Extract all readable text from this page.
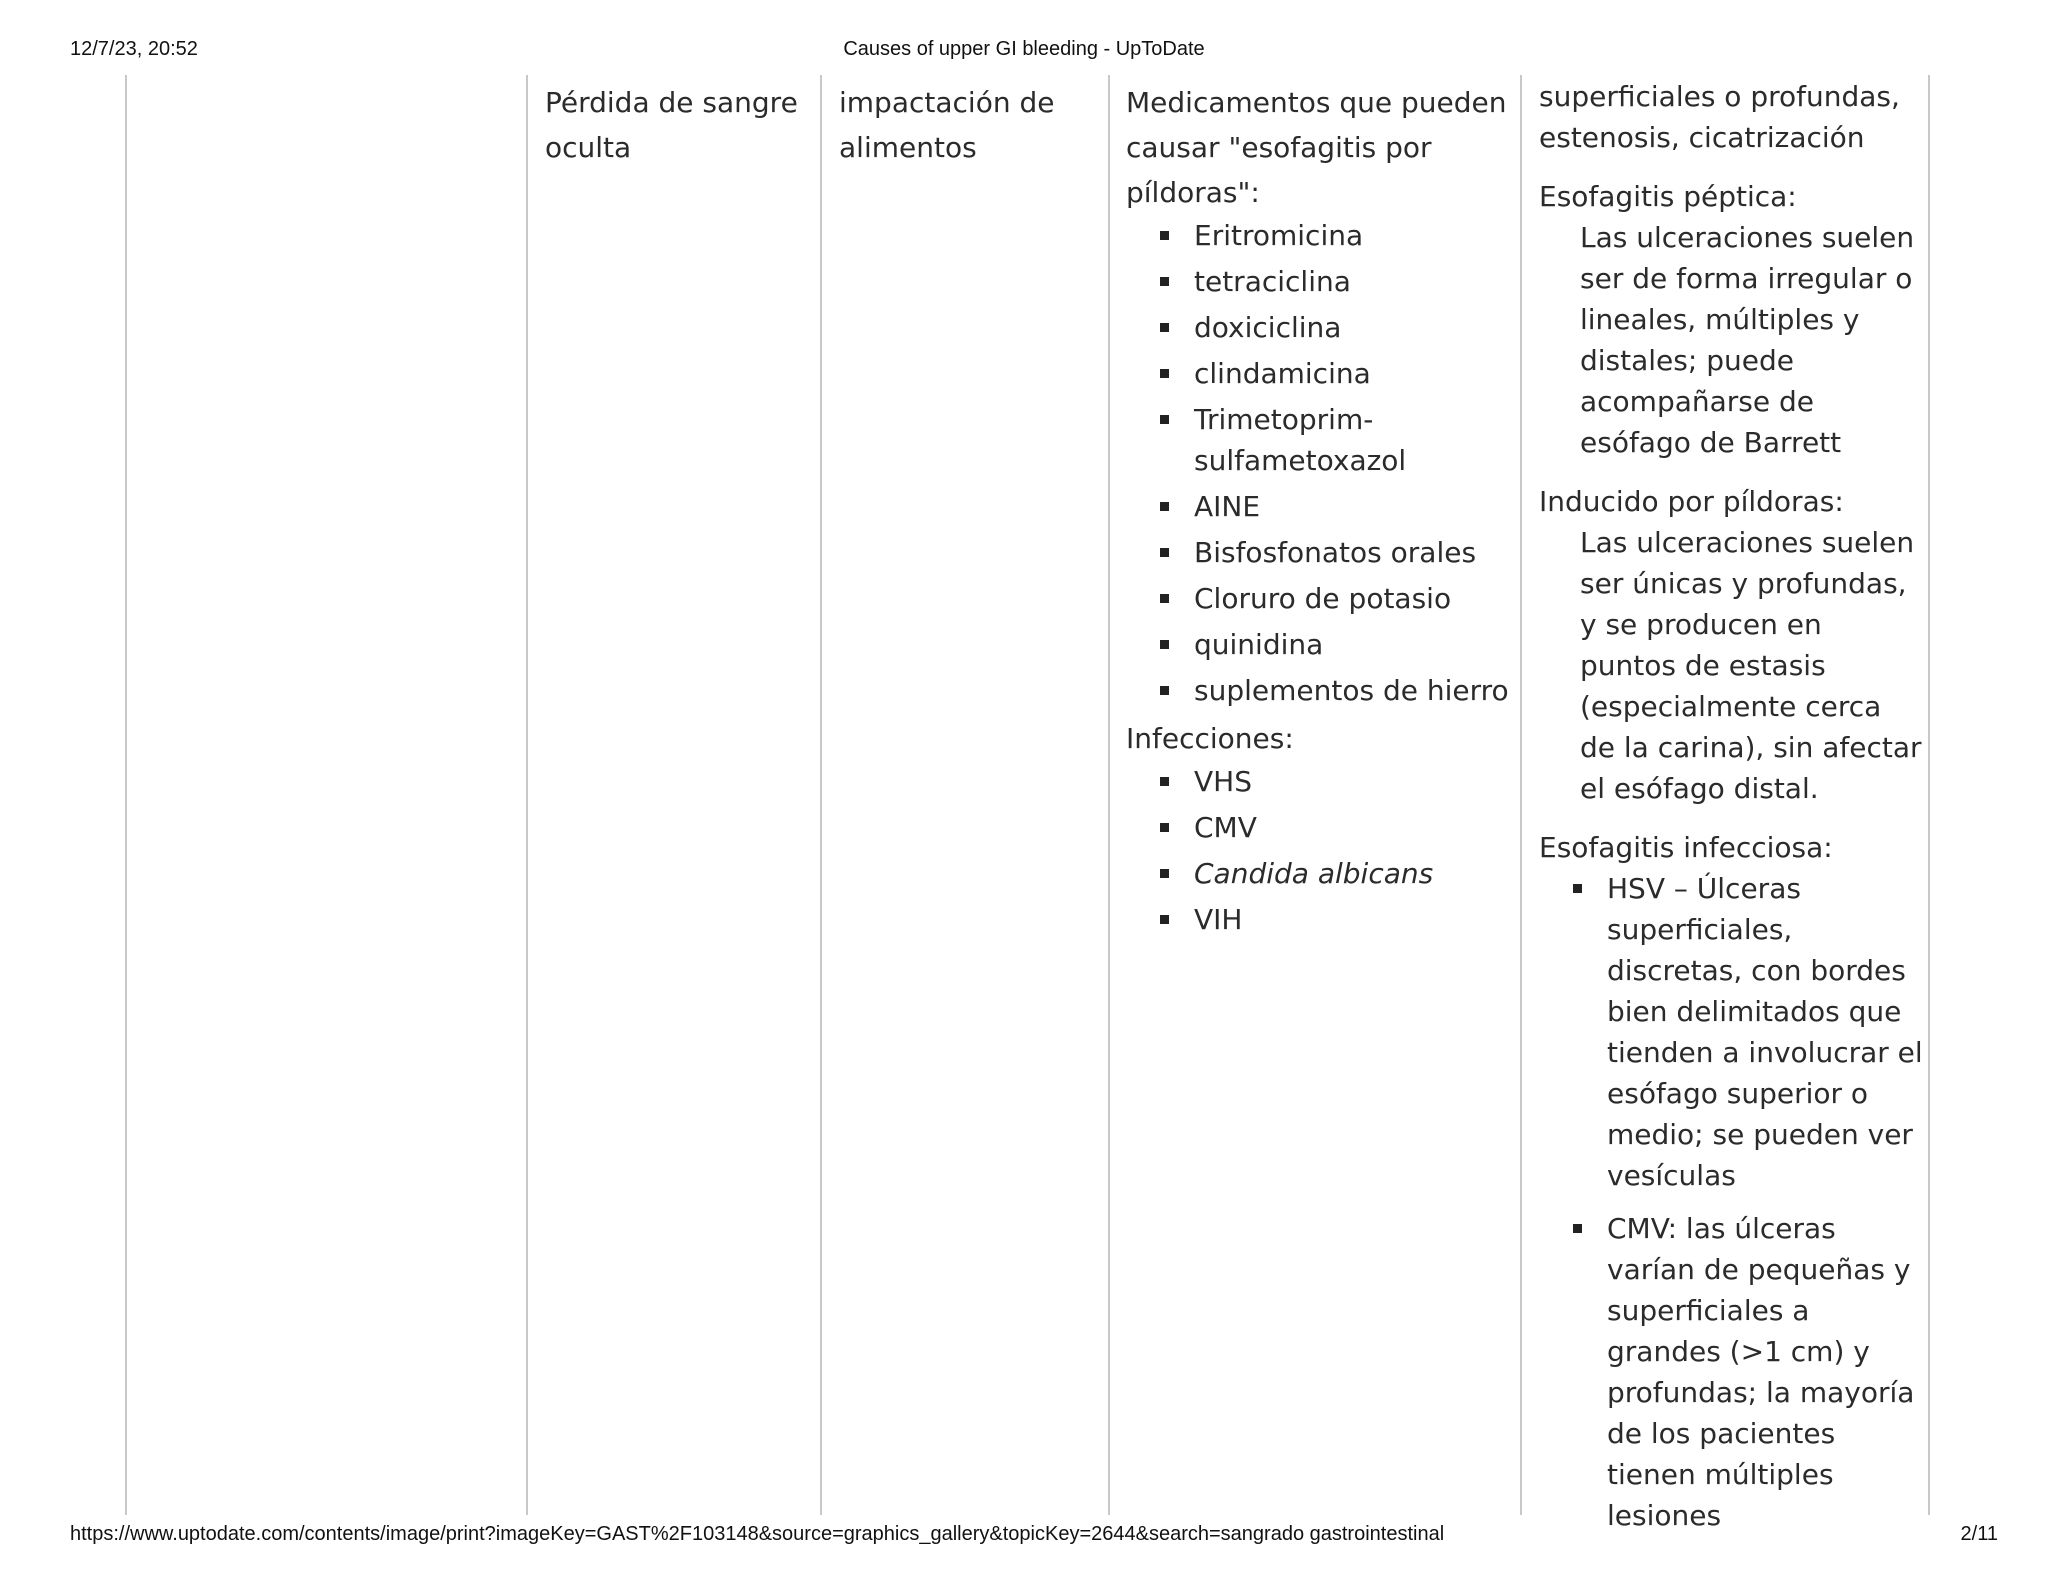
12/7/23, 20:52	Causes of upper GI bleeding - UpToDate

Pérdida de sangre oculta

impactación de alimentos

Medicamentos que pueden causar "esofagitis por píldoras":

Eritromicina
tetraciclina
doxiciclina
clindamicina
Trimetoprim-sulfametoxazol
AINE
Bisfosfonatos orales
Cloruro de potasio
quinidina
suplementos de hierro

Infecciones:

VHS
CMV
Candida albicans
VIH

superficiales o profundas, estenosis, cicatrización

Esofagitis péptica:

Las ulceraciones suelen ser de forma irregular o lineales, múltiples y distales; puede acompañarse de esófago de Barrett

Inducido por píldoras:

Las ulceraciones suelen ser únicas y profundas, y se producen en puntos de estasis (especialmente cerca de la carina), sin afectar el esófago distal.

Esofagitis infecciosa:

HSV – Úlceras superficiales, discretas, con bordes bien delimitados que tienden a involucrar el esófago superior o medio; se pueden ver vesículas
CMV: las úlceras varían de pequeñas y superficiales a grandes (>1 cm) y profundas; la mayoría de los pacientes tienen múltiples lesiones
https://www.uptodate.com/contents/image/print?imageKey=GAST%2F103148&source=graphics_gallery&topicKey=2644&search=sangrado gastrointestinal	2/11
